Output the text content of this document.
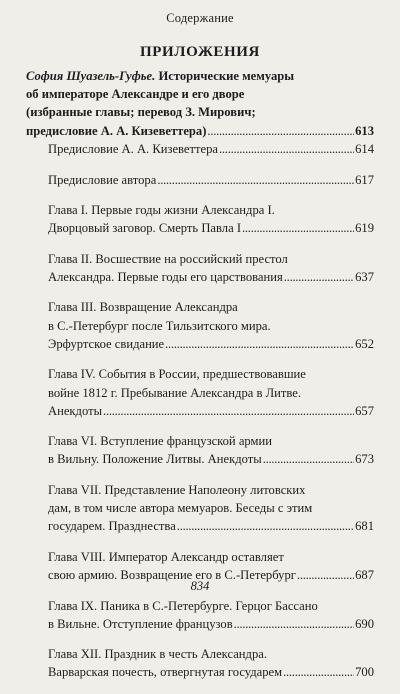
Содержание
ПРИЛОЖЕНИЯ
София Шуазель-Гуфье. Исторические мемуары
об императоре Александре и его дворе
(избранные главы; перевод З. Мирович;
предисловие А. А. Кизеветтера) . . .	613
Предисловие А. А. Кизеветтера . . .	614
Предисловие автора . . .	617
Глава I. Первые годы жизни Александра I.
Дворцовый заговор. Смерть Павла I . . .	619
Глава II. Восшествие на российский престол
Александра. Первые годы его царствования . . .	637
Глава III. Возвращение Александра
в С.-Петербург после Тильзитского мира.
Эрфуртское свидание . . .	652
Глава IV. События в России, предшествовавшие
войне 1812 г. Пребывание Александра в Литве.
Анекдоты . . .	657
Глава VI. Вступление французской армии
в Вильну. Положение Литвы. Анекдоты . . .	673
Глава VII. Представление Наполеону литовских
дам, в том числе автора мемуаров. Беседы с этим
государем. Празднества . . .	681
Глава VIII. Император Александр оставляет
свою армию. Возвращение его в С.-Петербург . . .	687
Глава IX. Паника в С.-Петербурге. Герцог Бассано
в Вильне. Отступление французов . . .	690
Глава XII. Праздник в честь Александра.
Варварская почесть, отвергнутая государем . . .	700
834
